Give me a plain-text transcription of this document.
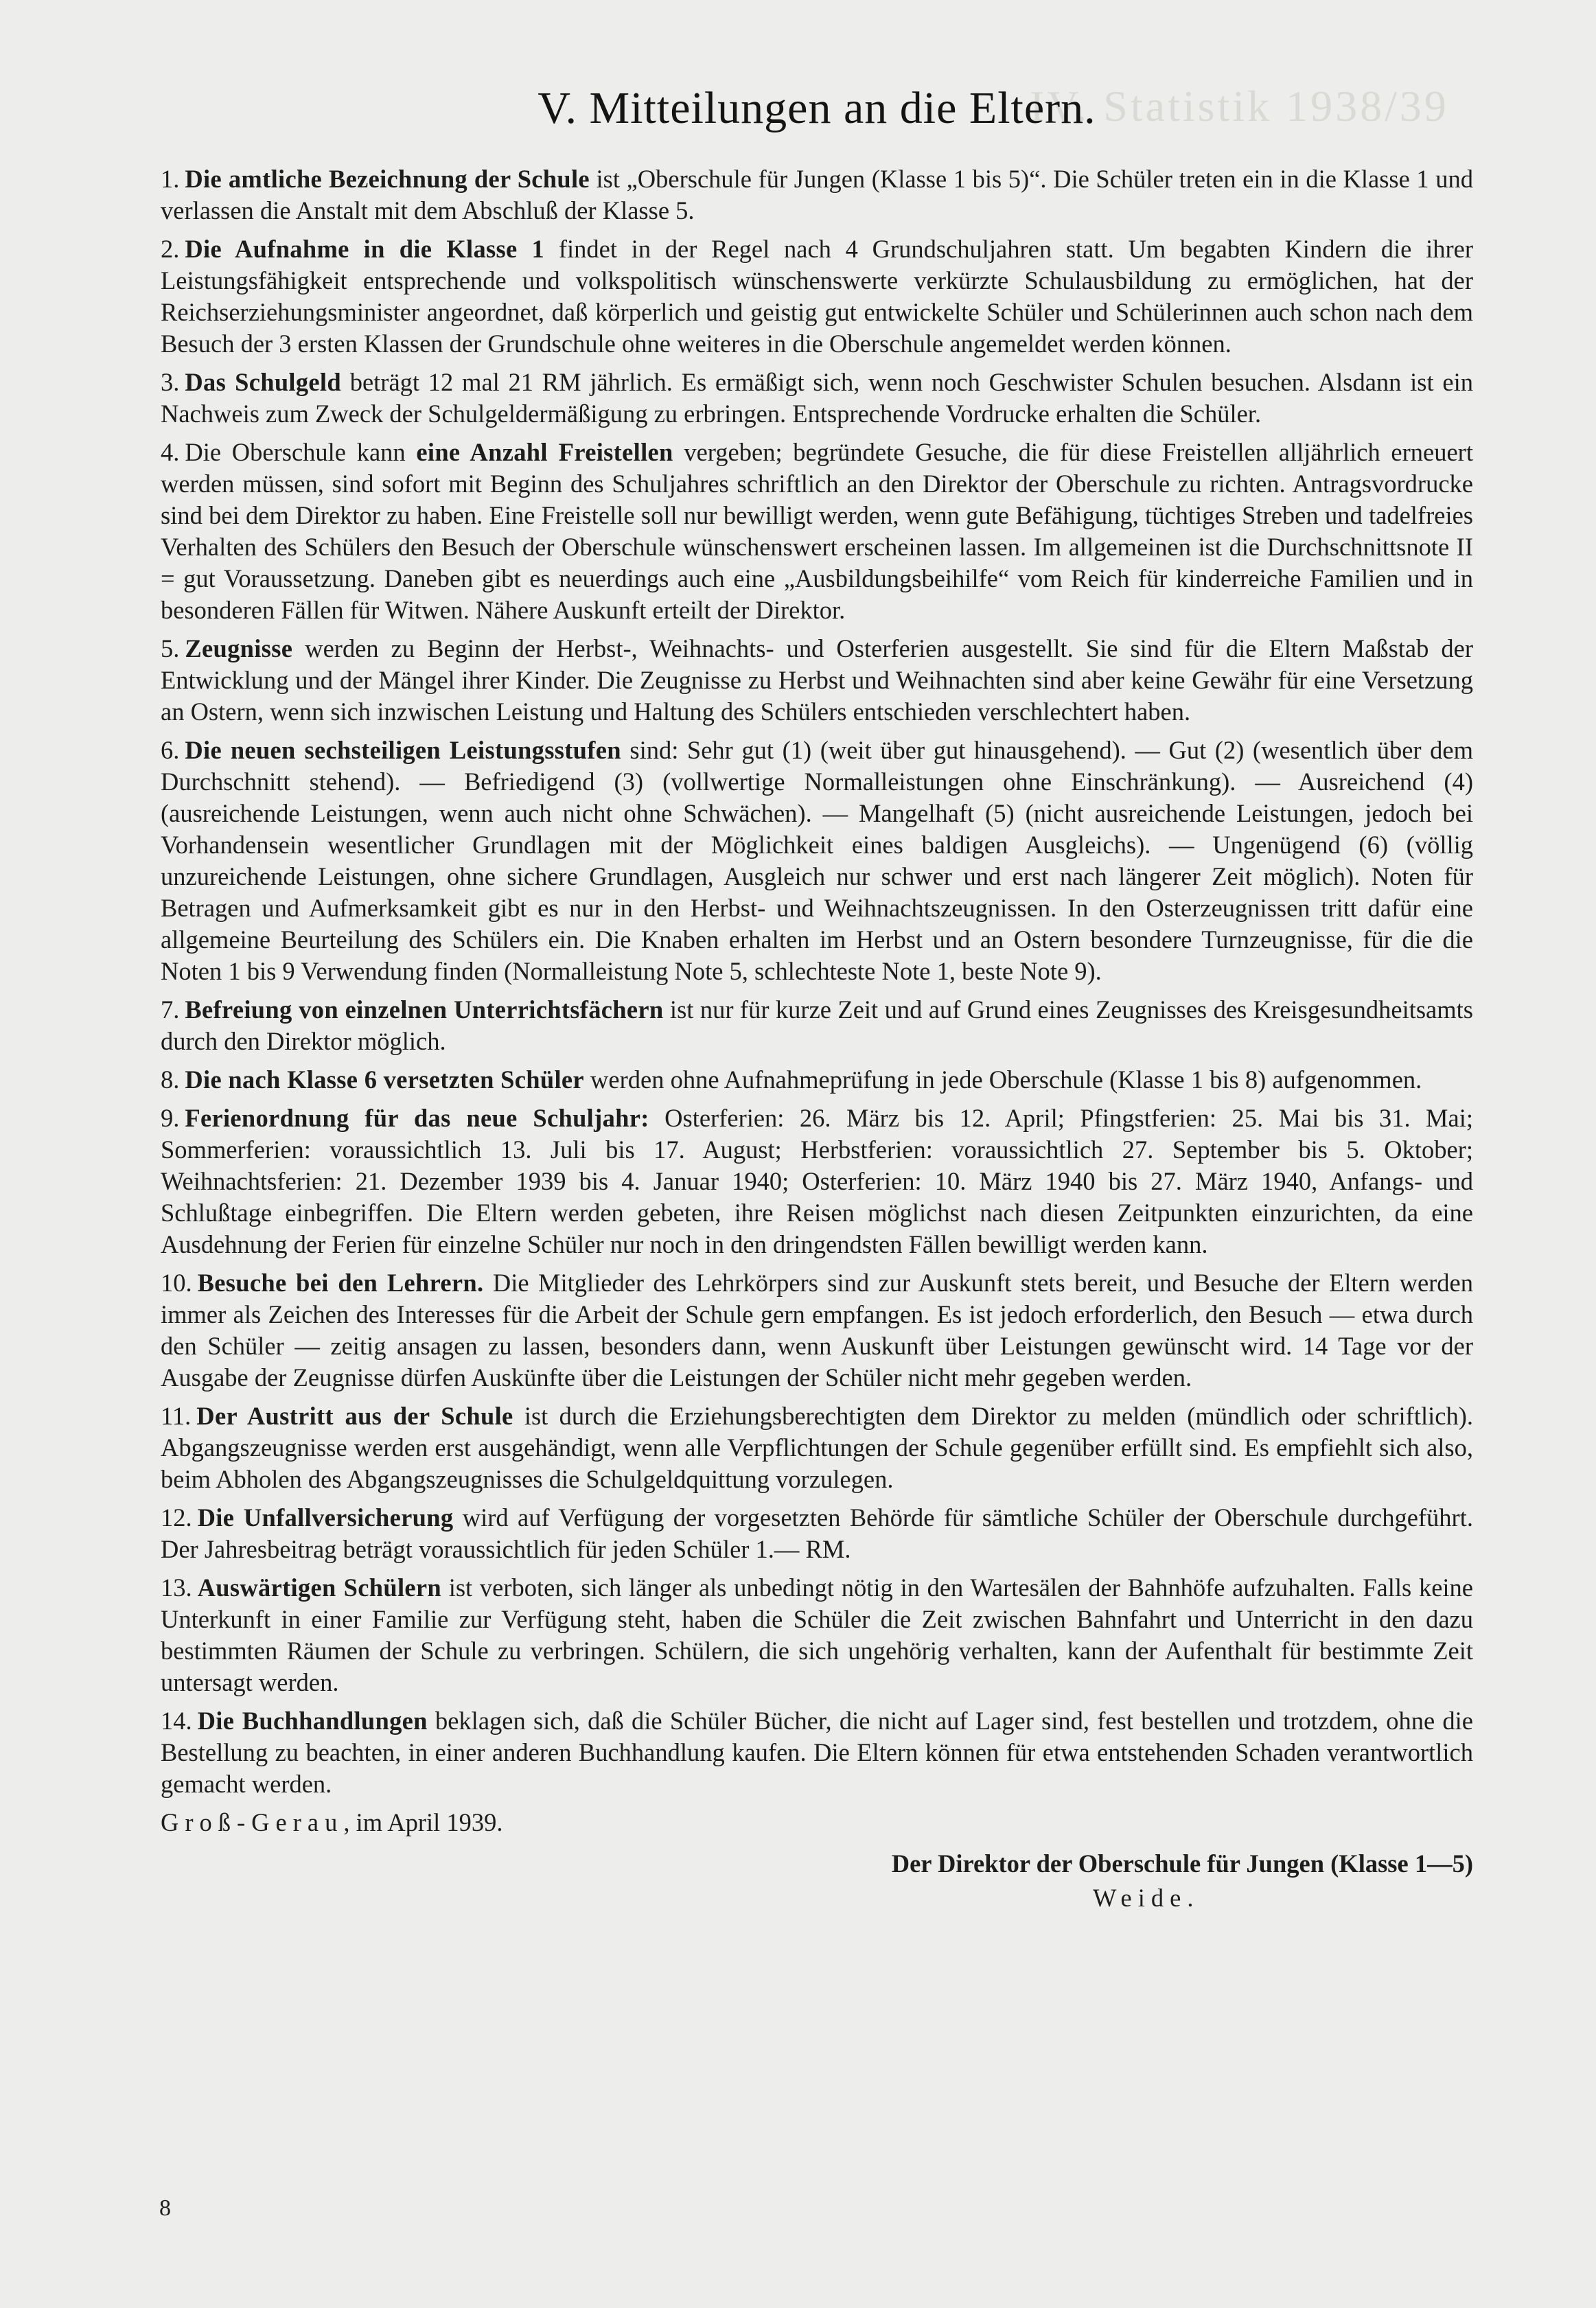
IV. Statistik 1938/39
V. Mitteilungen an die Eltern.

1. Die amtliche Bezeichnung der Schule ist „Oberschule für Jungen (Klasse 1 bis 5)“. Die Schüler treten ein in die Klasse 1 und verlassen die Anstalt mit dem Abschluß der Klasse 5.

2. Die Aufnahme in die Klasse 1 findet in der Regel nach 4 Grundschuljahren statt. Um begabten Kindern die ihrer Leistungsfähigkeit entsprechende und volkspolitisch wünschenswerte verkürzte Schulausbildung zu ermöglichen, hat der Reichserziehungsminister angeordnet, daß körperlich und geistig gut entwickelte Schüler und Schülerinnen auch schon nach dem Besuch der 3 ersten Klassen der Grundschule ohne weiteres in die Oberschule angemeldet werden können.

3. Das Schulgeld beträgt 12 mal 21 RM jährlich. Es ermäßigt sich, wenn noch Geschwister Schulen besuchen. Alsdann ist ein Nachweis zum Zweck der Schulgeldermäßigung zu erbringen. Entsprechende Vordrucke erhalten die Schüler.

4. Die Oberschule kann eine Anzahl Freistellen vergeben; begründete Gesuche, die für diese Freistellen alljährlich erneuert werden müssen, sind sofort mit Beginn des Schuljahres schriftlich an den Direktor der Oberschule zu richten. Antragsvordrucke sind bei dem Direktor zu haben. Eine Freistelle soll nur bewilligt werden, wenn gute Befähigung, tüchtiges Streben und tadelfreies Verhalten des Schülers den Besuch der Oberschule wünschenswert erscheinen lassen. Im allgemeinen ist die Durchschnittsnote II = gut Voraussetzung. Daneben gibt es neuerdings auch eine „Ausbildungsbeihilfe“ vom Reich für kinderreiche Familien und in besonderen Fällen für Witwen. Nähere Auskunft erteilt der Direktor.

5. Zeugnisse werden zu Beginn der Herbst-, Weihnachts- und Osterferien ausgestellt. Sie sind für die Eltern Maßstab der Entwicklung und der Mängel ihrer Kinder. Die Zeugnisse zu Herbst und Weihnachten sind aber keine Gewähr für eine Versetzung an Ostern, wenn sich inzwischen Leistung und Haltung des Schülers entschieden verschlechtert haben.

6. Die neuen sechsteiligen Leistungsstufen sind: Sehr gut (1) (weit über gut hinausgehend). — Gut (2) (wesentlich über dem Durchschnitt stehend). — Befriedigend (3) (vollwertige Normalleistungen ohne Einschränkung). — Ausreichend (4) (ausreichende Leistungen, wenn auch nicht ohne Schwächen). — Mangelhaft (5) (nicht ausreichende Leistungen, jedoch bei Vorhandensein wesentlicher Grundlagen mit der Möglichkeit eines baldigen Ausgleichs). — Ungenügend (6) (völlig unzureichende Leistungen, ohne sichere Grundlagen, Ausgleich nur schwer und erst nach längerer Zeit möglich). Noten für Betragen und Aufmerksamkeit gibt es nur in den Herbst- und Weihnachtszeugnissen. In den Osterzeugnissen tritt dafür eine allgemeine Beurteilung des Schülers ein. Die Knaben erhalten im Herbst und an Ostern besondere Turnzeugnisse, für die die Noten 1 bis 9 Verwendung finden (Normalleistung Note 5, schlechteste Note 1, beste Note 9).

7. Befreiung von einzelnen Unterrichtsfächern ist nur für kurze Zeit und auf Grund eines Zeugnisses des Kreisgesundheitsamts durch den Direktor möglich.

8. Die nach Klasse 6 versetzten Schüler werden ohne Aufnahmeprüfung in jede Oberschule (Klasse 1 bis 8) aufgenommen.

9. Ferienordnung für das neue Schuljahr: Osterferien: 26. März bis 12. April; Pfingstferien: 25. Mai bis 31. Mai; Sommerferien: voraussichtlich 13. Juli bis 17. August; Herbstferien: voraussichtlich 27. September bis 5. Oktober; Weihnachtsferien: 21. Dezember 1939 bis 4. Januar 1940; Osterferien: 10. März 1940 bis 27. März 1940, Anfangs- und Schlußtage einbegriffen. Die Eltern werden gebeten, ihre Reisen möglichst nach diesen Zeitpunkten einzurichten, da eine Ausdehnung der Ferien für einzelne Schüler nur noch in den dringendsten Fällen bewilligt werden kann.

10. Besuche bei den Lehrern. Die Mitglieder des Lehrkörpers sind zur Auskunft stets bereit, und Besuche der Eltern werden immer als Zeichen des Interesses für die Arbeit der Schule gern empfangen. Es ist jedoch erforderlich, den Besuch — etwa durch den Schüler — zeitig ansagen zu lassen, besonders dann, wenn Auskunft über Leistungen gewünscht wird. 14 Tage vor der Ausgabe der Zeugnisse dürfen Auskünfte über die Leistungen der Schüler nicht mehr gegeben werden.

11. Der Austritt aus der Schule ist durch die Erziehungsberechtigten dem Direktor zu melden (mündlich oder schriftlich). Abgangszeugnisse werden erst ausgehändigt, wenn alle Verpflichtungen der Schule gegenüber erfüllt sind. Es empfiehlt sich also, beim Abholen des Abgangszeugnisses die Schulgeldquittung vorzulegen.

12. Die Unfallversicherung wird auf Verfügung der vorgesetzten Behörde für sämtliche Schüler der Oberschule durchgeführt. Der Jahresbeitrag beträgt voraussichtlich für jeden Schüler 1.— RM.

13. Auswärtigen Schülern ist verboten, sich länger als unbedingt nötig in den Wartesälen der Bahnhöfe aufzuhalten. Falls keine Unterkunft in einer Familie zur Verfügung steht, haben die Schüler die Zeit zwischen Bahnfahrt und Unterricht in den dazu bestimmten Räumen der Schule zu verbringen. Schülern, die sich ungehörig verhalten, kann der Aufenthalt für bestimmte Zeit untersagt werden.

14. Die Buchhandlungen beklagen sich, daß die Schüler Bücher, die nicht auf Lager sind, fest bestellen und trotzdem, ohne die Bestellung zu beachten, in einer anderen Buchhandlung kaufen. Die Eltern können für etwa entstehenden Schaden verantwortlich gemacht werden.

Groß-Gerau, im April 1939.

Der Direktor der Oberschule für Jungen (Klasse 1—5)
Weide.
8
